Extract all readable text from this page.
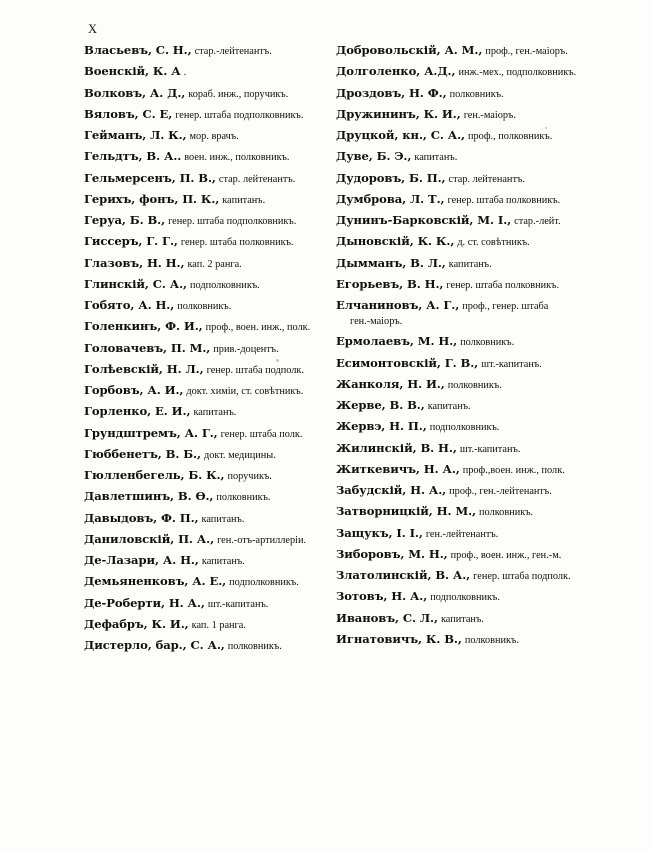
X
Власьевъ, С. Н., стар.-лейтенантъ.
Военскій, К. А .
Волковъ, А. Д., кораб. инж., поручикъ.
Вяловъ, С. Е, генер. штаба подполковникъ.
Гейманъ, Л. К., мор. врачъ.
Гельдтъ, В. А.. воен. инж., полковникъ.
Гельмерсенъ, П. В., стар. лейтенантъ.
Герихъ, фонъ, П. К., капитанъ.
Геруа, Б. В., генер. штаба подполковникъ.
Гиссеръ, Г. Г., генер. штаба полковникъ.
Глазовъ, Н. Н., кап. 2 ранга.
Глинскій, С. А., подполковникъ.
Гобято, А. Н., полковникъ.
Голенкинъ, Ф. И., проф., воен. инж., полк.
Головачевъ, П. М., прив.-доцентъ.
Голѣевскій, Н. Л., генер. штаба подполк.
Горбовъ, А. И., докт. химіи, ст. совѣтникъ.
Горленко, Е. И., капитанъ.
Грундштремъ, А. Г., генер. штаба полк.
Гюббенетъ, В. Б., докт. медицины.
Гюлленбегель, Б. К., поручикъ.
Давлетшинъ, В. Ѳ., полковникъ.
Давыдовъ, Ф. П., капитанъ.
Даниловскій, П. А., ген.-отъ-артиллеріи.
Де-Лазари, А. Н., капитанъ.
Демьяненковъ, А. Е., подполковникъ.
Де-Роберти, Н. А., шт.-капитанъ.
Дефабръ, К. И., кап. 1 ранга.
Дистерло, бар., С. А., полковникъ.
Добровольскій, А. М., проф., ген.-маіоръ.
Долголенко, А.Д., инж.-мех., подполковникъ.
Дроздовъ, Н. Ф., полковникъ.
Дружининъ, К. И., ген.-маіоръ.
Друцкой, кн., С. А., проф., полковникъ.
Дуве, Б. Э., капитанъ.
Дудоровъ, Б. П., стар. лейтенантъ.
Думброва, Л. Т., генер. штаба полковникъ.
Дунинъ-Барковскій, М. I., стар.-лейт.
Дыновскій, К. К., д. ст. совѣтникъ.
Дымманъ, В. Л., капитанъ.
Егорьевъ, В. Н., генер. штаба полковникъ.
Елчаниновъ, А. Г., проф., генер. штаба
ген.-маіоръ.
Ермолаевъ, М. Н., полковникъ.
Есимонтовскій, Г. В., шт.-капитанъ.
Жанколя, Н. И., полковникъ.
Жерве, В. В., капитанъ.
Жервэ, Н. П., подполковникъ.
Жилинскій, В. Н., шт.-капитанъ.
Житкевичъ, Н. А., проф.,воен. инж., полк.
Забудскій, Н. А., проф., ген.-лейтенантъ.
Затворницкій, Н. М., полковникъ.
Защукъ, I. I., ген.-лейтенантъ.
Зиборовъ, М. Н., проф., воен. инж., ген.-м.
Златолинскій, В. А., генер. штаба подполк.
Зотовъ, Н. А., подполковникъ.
Ивановъ, С. Л., капитанъ.
Игнатовичъ, К. В., полковникъ.
